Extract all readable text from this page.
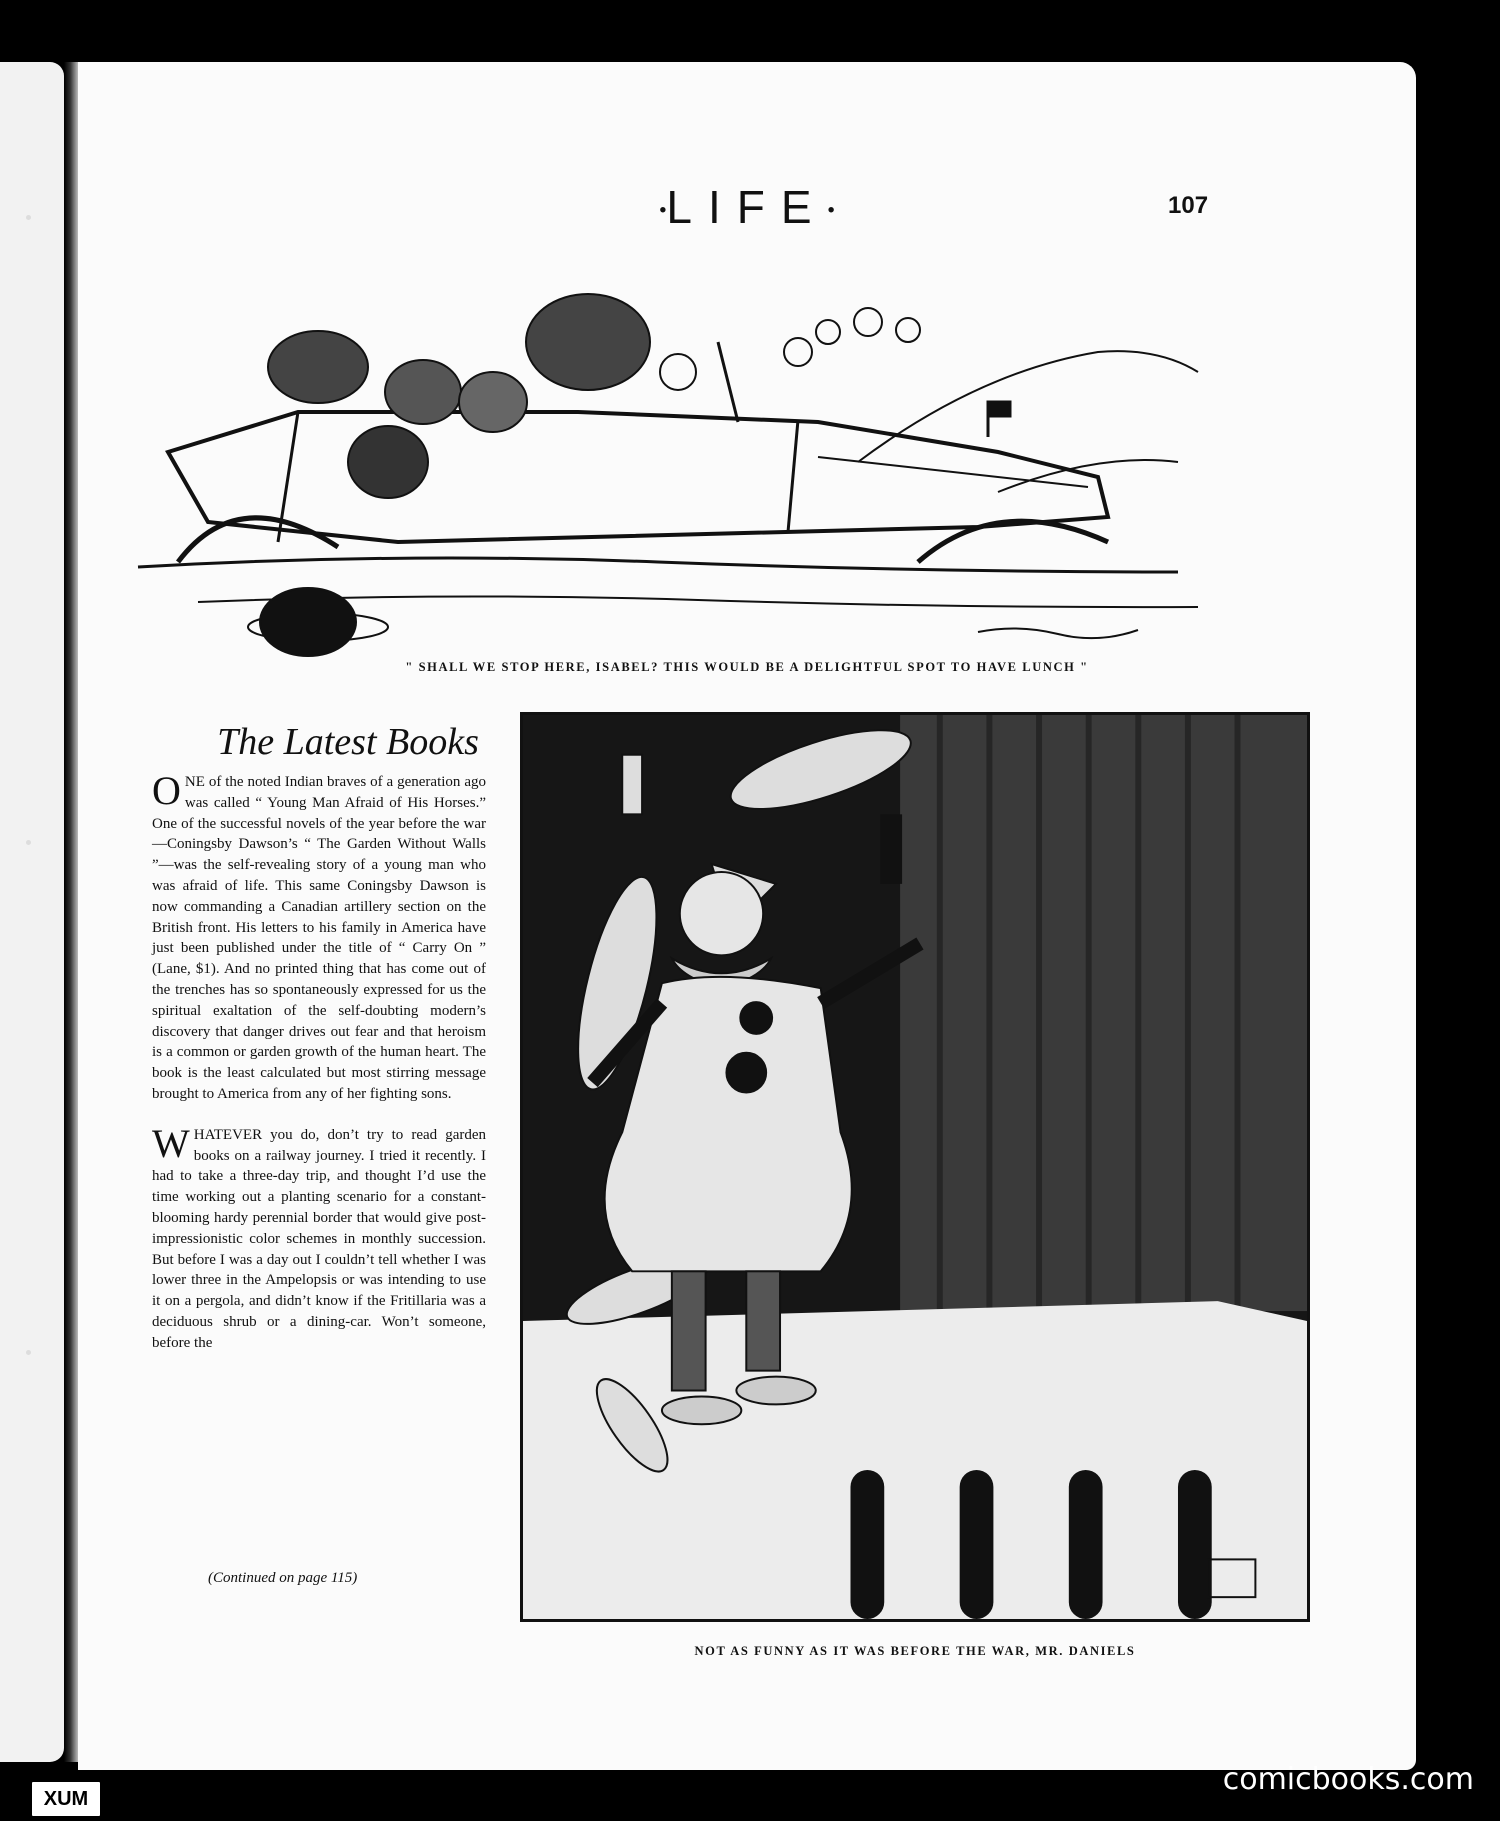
•LIFE•	107
" SHALL WE STOP HERE, ISABEL? THIS WOULD BE A DELIGHTFUL SPOT TO HAVE LUNCH "
The Latest Books

ONE of the noted Indian braves of a generation ago was called “ Young Man Afraid of His Horses.” One of the successful novels of the year before the war—Coningsby Dawson’s “ The Garden Without Walls ”—was the self-revealing story of a young man who was afraid of life. This same Coningsby Dawson is now commanding a Canadian artillery section on the British front. His letters to his family in America have just been published under the title of “ Carry On ” (Lane, $1). And no printed thing that has come out of the trenches has so spontaneously expressed for us the spiritual exaltation of the self-doubting modern’s discovery that danger drives out fear and that heroism is a common or garden growth of the human heart. The book is the least calculated but most stirring message brought to America from any of her fighting sons.

WHATEVER you do, don’t try to read garden books on a railway journey. I tried it recently. I had to take a three-day trip, and thought I’d use the time working out a planting scenario for a constant-blooming hardy perennial border that would give post-impressionistic color schemes in monthly succession. But before I was a day out I couldn’t tell whether I was lower three in the Ampelopsis or was intending to use it on a pergola, and didn’t know if the Fritillaria was a deciduous shrub or a dining-car. Won’t someone, before the

(Continued on page 115)
NOT AS FUNNY AS IT WAS BEFORE THE WAR, MR. DANIELS
XUM
comicbooks.com
